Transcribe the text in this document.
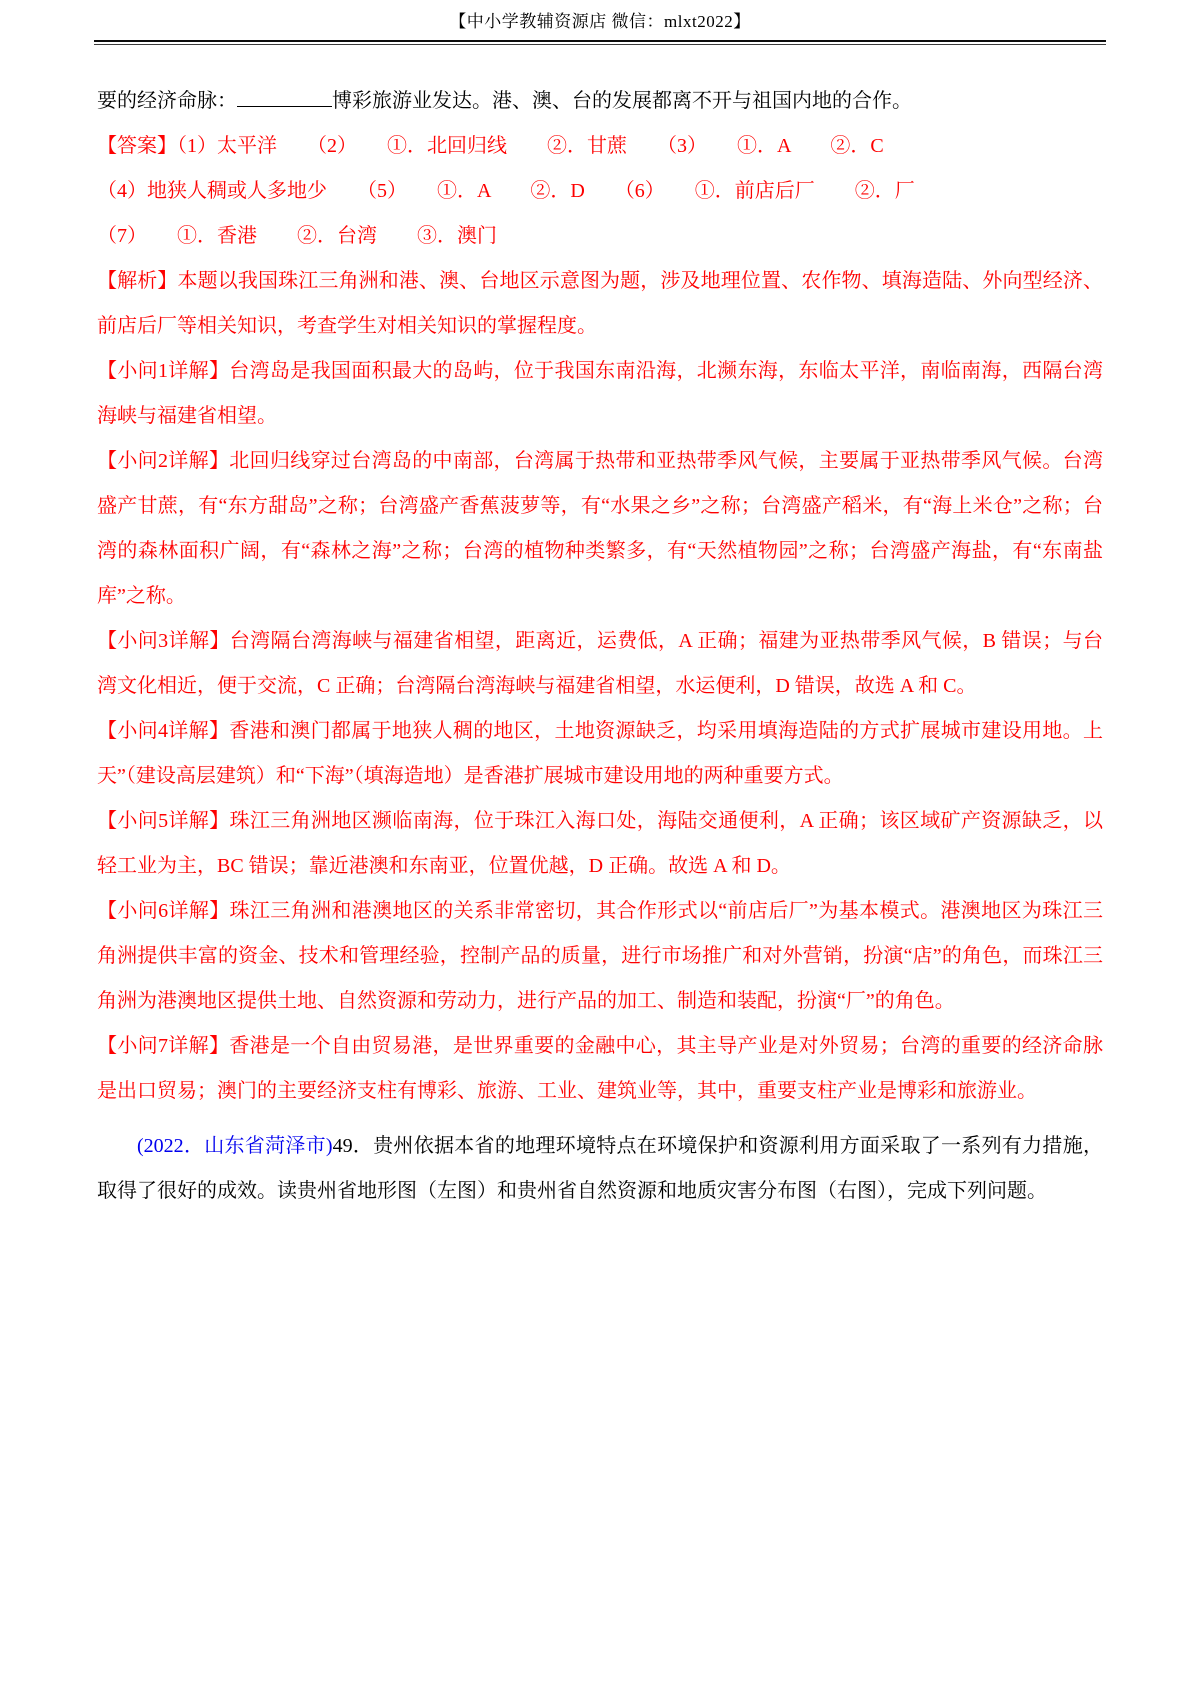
【中小学教辅资源店 微信：mlxt2022】

要的经济命脉：	博彩旅游业发达。港、澳、台的发展都离不开与祖国内地的合作。

【答案】（1）太平洋　　（2）　　①．北回归线　　②．甘蔗　　（3）　　①．A　　②．C

（4）地狭人稠或人多地少　　（5）　　①．A　　②．D　　（6）　　①．前店后厂　　②．厂

（7）　　①．香港　　②．台湾　　③．澳门

【解析】本题以我国珠江三角洲和港、澳、台地区示意图为题，涉及地理位置、农作物、填海造陆、外向型经济、前店后厂等相关知识，考查学生对相关知识的掌握程度。

【小问1详解】台湾岛是我国面积最大的岛屿，位于我国东南沿海，北濒东海，东临太平洋，南临南海，西隔台湾海峡与福建省相望。

【小问2详解】北回归线穿过台湾岛的中南部，台湾属于热带和亚热带季风气候，主要属于亚热带季风气候。台湾盛产甘蔗，有“东方甜岛”之称；台湾盛产香蕉菠萝等，有“水果之乡”之称；台湾盛产稻米，有“海上米仓”之称；台湾的森林面积广阔，有“森林之海”之称；台湾的植物种类繁多，有“天然植物园”之称；台湾盛产海盐，有“东南盐库”之称。

【小问3详解】台湾隔台湾海峡与福建省相望，距离近，运费低，A 正确；福建为亚热带季风气候，B 错误；与台湾文化相近，便于交流，C 正确；台湾隔台湾海峡与福建省相望，水运便利，D 错误，故选 A 和 C。

【小问4详解】香港和澳门都属于地狭人稠的地区，土地资源缺乏，均采用填海造陆的方式扩展城市建设用地。上天”（建设高层建筑）和“下海”（填海造地）是香港扩展城市建设用地的两种重要方式。

【小问5详解】珠江三角洲地区濒临南海，位于珠江入海口处，海陆交通便利，A 正确；该区域矿产资源缺乏，以轻工业为主，BC 错误；靠近港澳和东南亚，位置优越，D 正确。故选 A 和 D。

【小问6详解】珠江三角洲和港澳地区的关系非常密切，其合作形式以“前店后厂”为基本模式。港澳地区为珠江三角洲提供丰富的资金、技术和管理经验，控制产品的质量，进行市场推广和对外营销，扮演“店”的角色，而珠江三角洲为港澳地区提供土地、自然资源和劳动力，进行产品的加工、制造和装配，扮演“厂”的角色。

【小问7详解】香港是一个自由贸易港，是世界重要的金融中心，其主导产业是对外贸易；台湾的重要的经济命脉是出口贸易；澳门的主要经济支柱有博彩、旅游、工业、建筑业等，其中，重要支柱产业是博彩和旅游业。

(2022．山东省菏泽市)49．贵州依据本省的地理环境特点在环境保护和资源利用方面采取了一系列有力措施，取得了很好的成效。读贵州省地形图（左图）和贵州省自然资源和地质灾害分布图（右图），完成下列问题。
